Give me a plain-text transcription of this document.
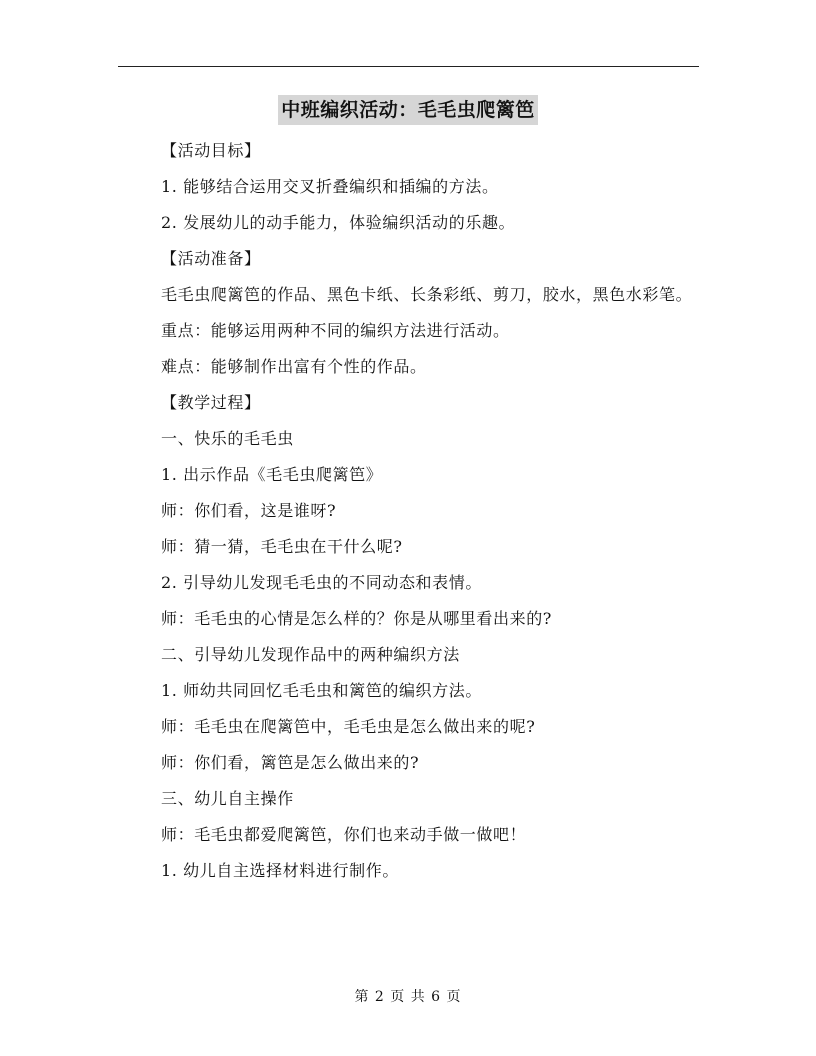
中班编织活动：毛毛虫爬篱笆

【活动目标】

1. 能够结合运用交叉折叠编织和插编的方法。

2. 发展幼儿的动手能力，体验编织活动的乐趣。

【活动准备】

毛毛虫爬篱笆的作品、黑色卡纸、长条彩纸、剪刀，胶水，黑色水彩笔。

重点：能够运用两种不同的编织方法进行活动。

难点：能够制作出富有个性的作品。

【教学过程】

一、快乐的毛毛虫

1. 出示作品《毛毛虫爬篱笆》

师：你们看，这是谁呀?

师：猜一猜，毛毛虫在干什么呢?

2. 引导幼儿发现毛毛虫的不同动态和表情。

师：毛毛虫的心情是怎么样的？你是从哪里看出来的?

二、引导幼儿发现作品中的两种编织方法

1. 师幼共同回忆毛毛虫和篱笆的编织方法。

师：毛毛虫在爬篱笆中，毛毛虫是怎么做出来的呢?

师：你们看，篱笆是怎么做出来的?

三、幼儿自主操作

师：毛毛虫都爱爬篱笆，你们也来动手做一做吧！

1. 幼儿自主选择材料进行制作。

第 2 页 共 6 页
